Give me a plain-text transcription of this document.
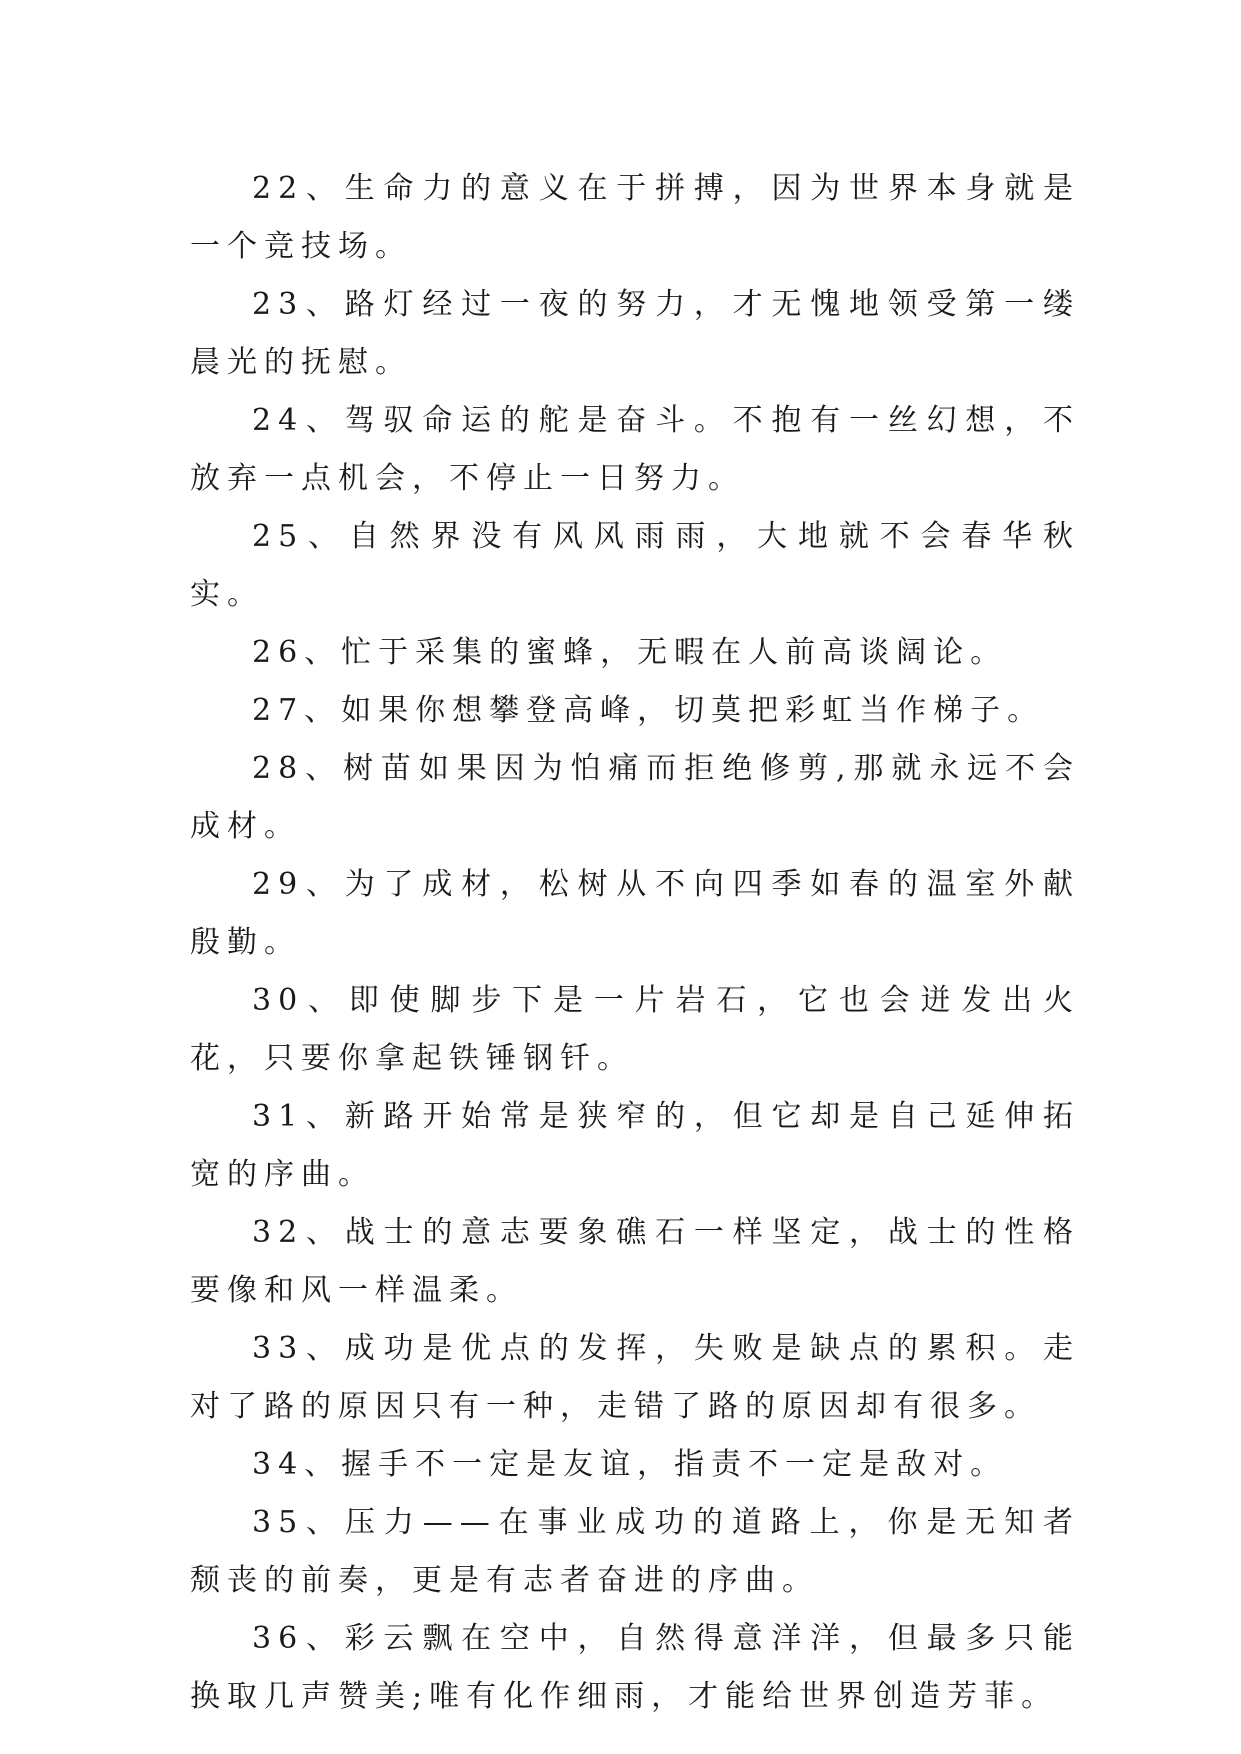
22、生命力的意义在于拼搏，因为世界本身就是一个竞技场。

23、路灯经过一夜的努力，才无愧地领受第一缕晨光的抚慰。

24、驾驭命运的舵是奋斗。不抱有一丝幻想，不放弃一点机会，不停止一日努力。

25、自然界没有风风雨雨，大地就不会春华秋实。

26、忙于采集的蜜蜂，无暇在人前高谈阔论。

27、如果你想攀登高峰，切莫把彩虹当作梯子。

28、树苗如果因为怕痛而拒绝修剪,那就永远不会成材。

29、为了成材，松树从不向四季如春的温室外献殷勤。

30、即使脚步下是一片岩石，它也会迸发出火花，只要你拿起铁锤钢钎。

31、新路开始常是狭窄的，但它却是自己延伸拓宽的序曲。

32、战士的意志要象礁石一样坚定，战士的性格要像和风一样温柔。

33、成功是优点的发挥，失败是缺点的累积。走对了路的原因只有一种，走错了路的原因却有很多。

34、握手不一定是友谊，指责不一定是敌对。

35、压力——在事业成功的道路上，你是无知者颓丧的前奏，更是有志者奋进的序曲。

36、彩云飘在空中，自然得意洋洋，但最多只能换取几声赞美;唯有化作细雨，才能给世界创造芳菲。
